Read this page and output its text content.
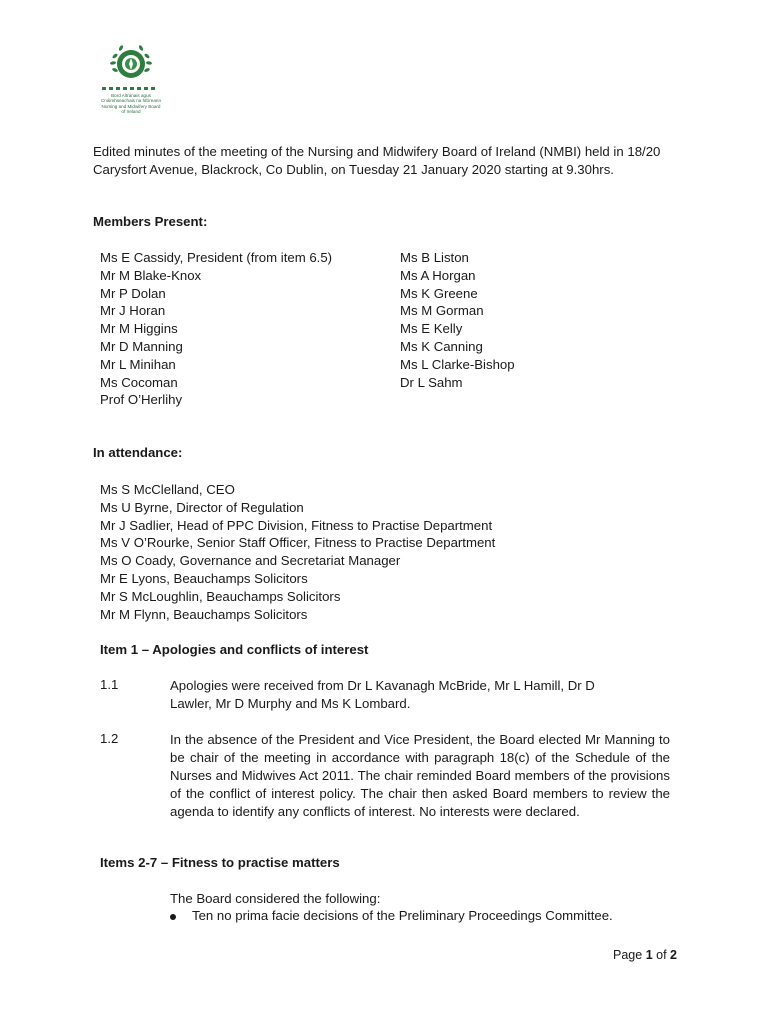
Bord Altranais agus
Cnáimhseachais na hÉireann
Nursing and Midwifery Board
of Ireland
Edited minutes of the meeting of the Nursing and Midwifery Board of Ireland (NMBI) held in 18/20 Carysfort Avenue, Blackrock, Co Dublin, on Tuesday 21 January 2020 starting at 9.30hrs.
Members Present:
Ms E Cassidy, President (from item 6.5)
Mr M Blake-Knox
Mr P Dolan
Mr J Horan
Mr M Higgins
Mr D Manning
Mr L Minihan
Ms Cocoman
Prof O’Herlihy
Ms B Liston
Ms A Horgan
Ms K Greene
Ms M Gorman
Ms E Kelly
Ms K Canning
Ms L Clarke-Bishop
Dr L Sahm
In attendance:
Ms S McClelland, CEO
Ms U Byrne, Director of Regulation
Mr J Sadlier, Head of PPC Division, Fitness to Practise Department
Ms V O’Rourke, Senior Staff Officer, Fitness to Practise Department
Ms O Coady, Governance and Secretariat Manager
Mr E Lyons, Beauchamps Solicitors
Mr S McLoughlin, Beauchamps Solicitors
Mr M Flynn, Beauchamps Solicitors
Item 1 – Apologies and conflicts of interest
1.1	Apologies were received from Dr L Kavanagh McBride, Mr L Hamill, Dr D Lawler, Mr D Murphy and Ms K Lombard.
1.2	In the absence of the President and Vice President, the Board elected Mr Manning to be chair of the meeting in accordance with paragraph 18(c) of the Schedule of the Nurses and Midwives Act 2011. The chair reminded Board members of the provisions of the conflict of interest policy. The chair then asked Board members to review the agenda to identify any conflicts of interest. No interests were declared.
Items 2-7 – Fitness to practise matters
The Board considered the following:
Ten no prima facie decisions of the Preliminary Proceedings Committee.
Page 1 of 2
